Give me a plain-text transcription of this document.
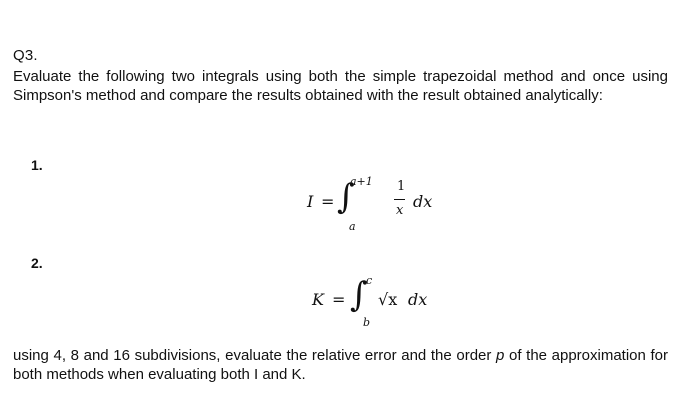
Q3.
Evaluate the following two integrals using both the simple trapezoidal method and once using Simpson's method and compare the results obtained with the result obtained analytically:
1.
I = ∫
a+1
a
1
x dx
2.
K = ∫
c
b
√x dx
using 4, 8 and 16 subdivisions, evaluate the relative error and the order p of the approximation for both methods when evaluating both I and K.
